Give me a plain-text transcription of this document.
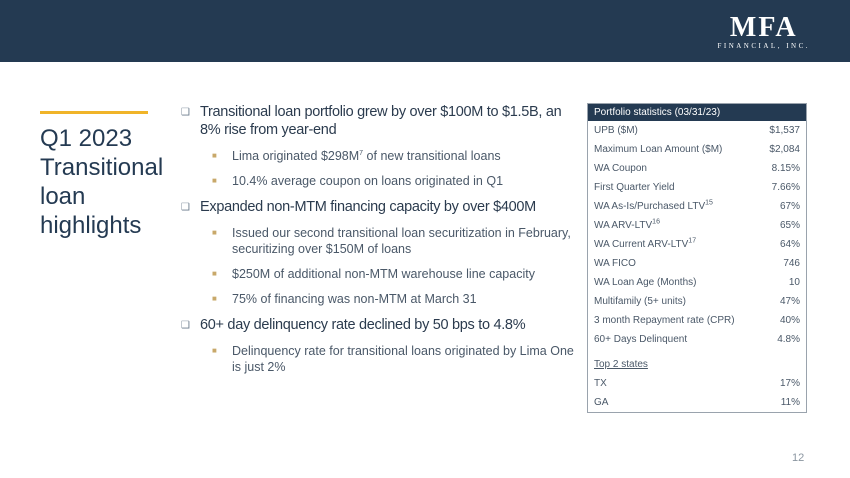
MFA
FINANCIAL, INC.
Q1 2023 Transitional loan highlights
❑ Transitional loan portfolio grew by over $100M to $1.5B, an 8% rise from year-end
■ Lima originated $\$298M^7$ of new transitional loans
■ 10.4% average coupon on loans originated in Q1
❑ Expanded non-MTM financing capacity by over $400M
■ Issued our second transitional loan securitization in February, securitizing over $150M of loans
■ $250M of additional non-MTM warehouse line capacity
■ 75% of financing was non-MTM at March 31
❑ 60+ day delinquency rate declined by 50 bps to 4.8%
■ Delinquency rate for transitional loans originated by Lima One is just 2%
Portfolio statistics (03/31/23)
UPB ($M)	$1,537
Maximum Loan Amount ($M)	$2,084
WA Coupon	8.15%
First Quarter Yield	7.66%
WA As-Is/Purchased LTV$^{15}$	67%
WA ARV-LTV$^{16}$	65%
WA Current ARV-LTV$^{17}$	64%
WA FICO	746
WA Loan Age (Months)	10
Multifamily (5+ units)	47%
3 month Repayment rate (CPR)	40%
60+ Days Delinquent	4.8%
Top 2 states
TX	17%
GA	11%
12
